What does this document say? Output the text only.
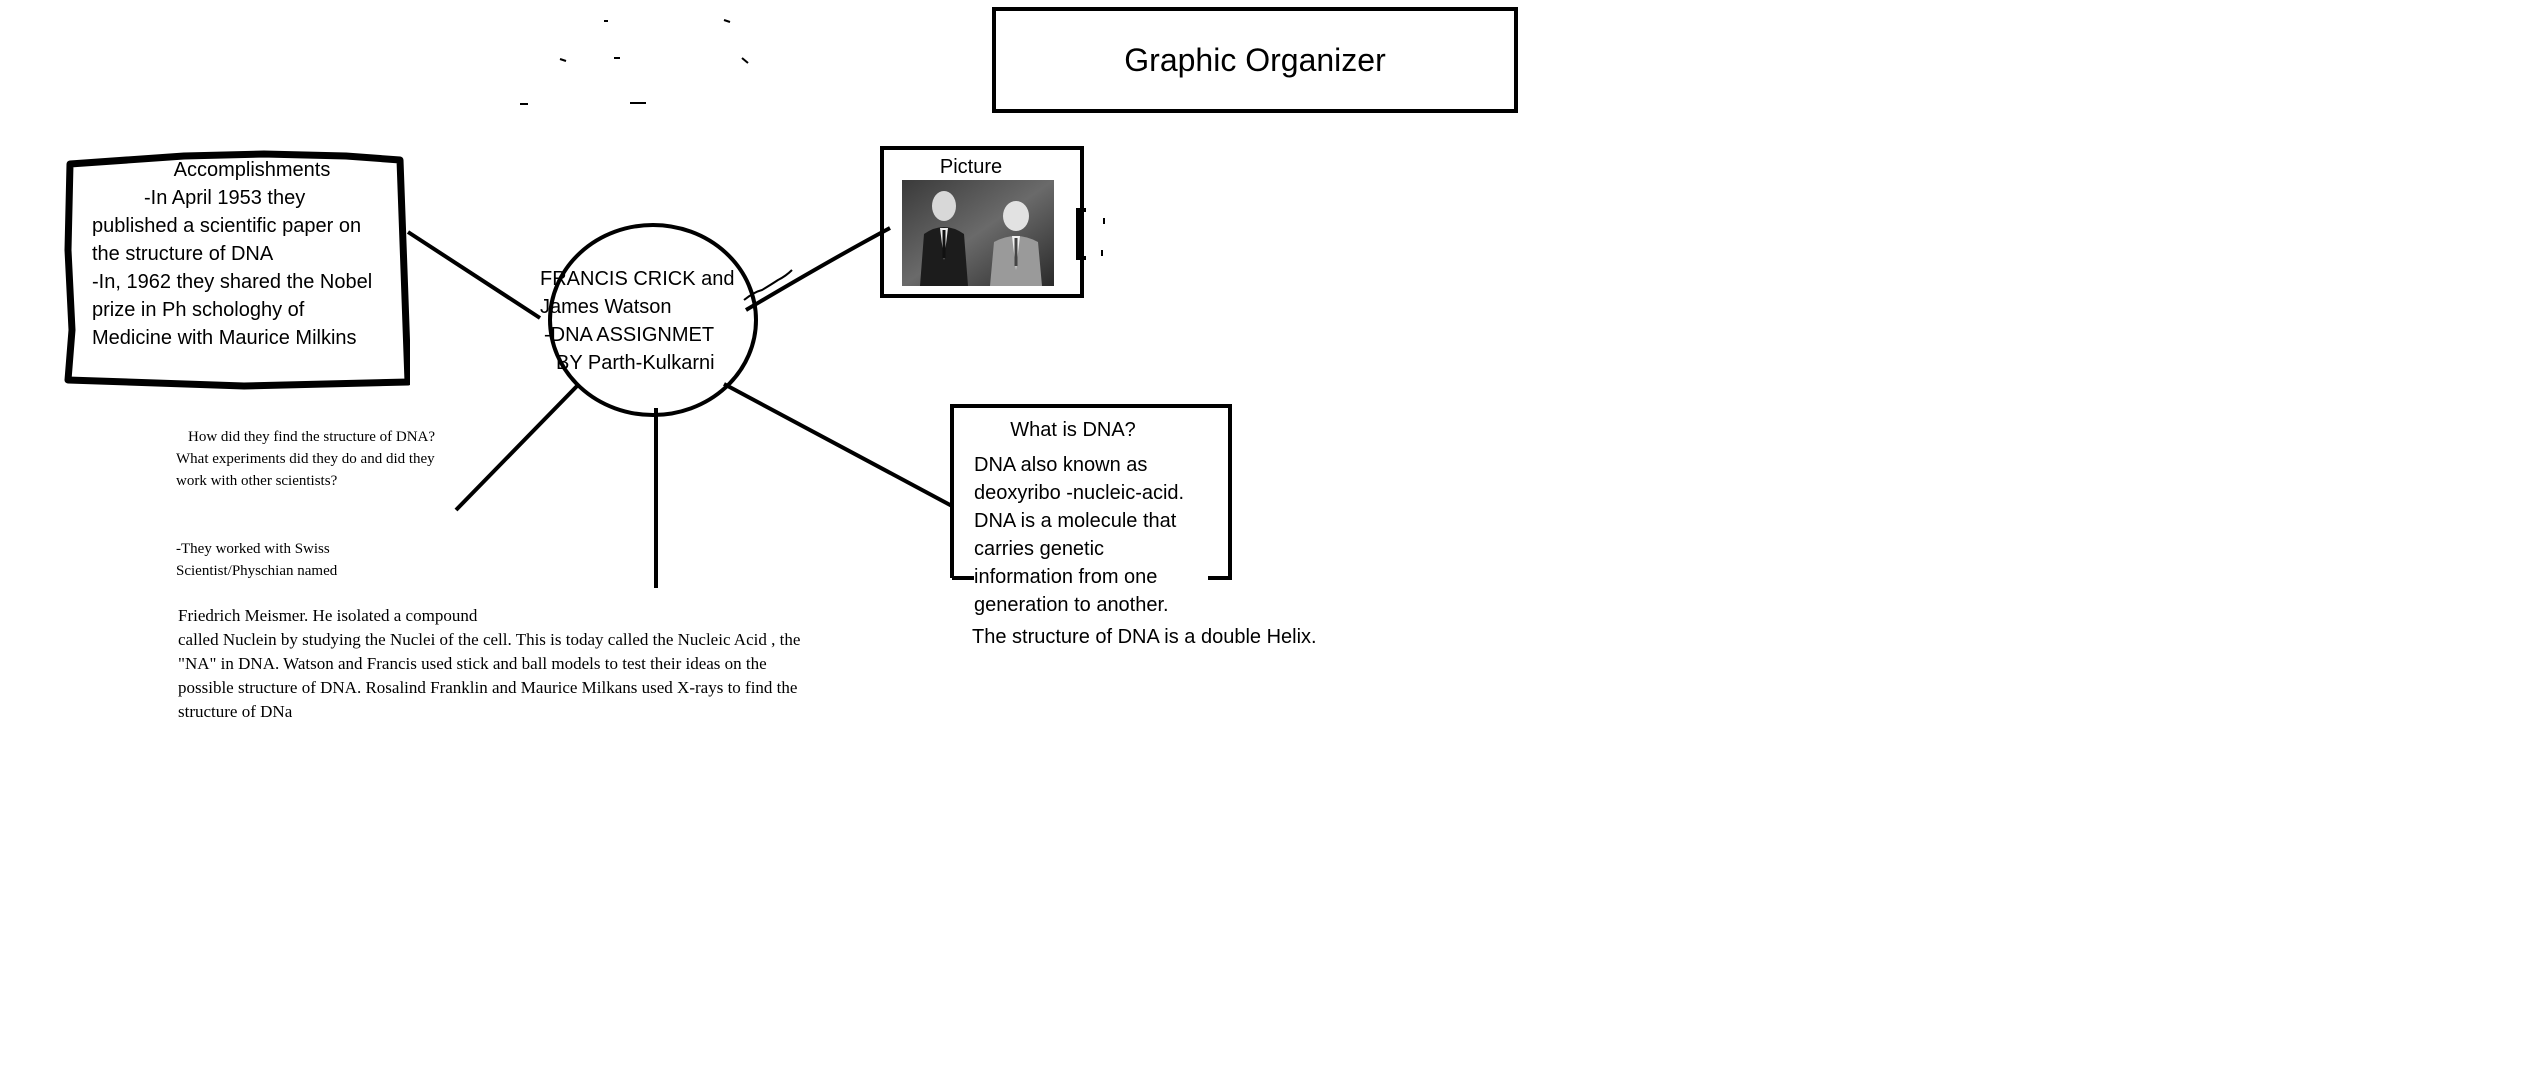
Graphic Organizer
Accomplishments
-In April 1953 they
published a scientific paper on
the structure of DNA
-In, 1962 they shared the Nobel
prize in Ph schologhy of
Medicine with Maurice Milkins
FRANCIS CRICK and
James Watson
-DNA ASSIGNMET
BY Parth-Kulkarni
Picture
What is DNA?
DNA also known as
deoxyribo -nucleic-acid.
DNA is a molecule that
carries genetic
information from one
generation to another.
The structure of DNA is a double Helix.
How did they find the structure of DNA? What experiments did they do and did they work with other scientists?
-They worked with Swiss
Scientist/Physchian named
Friedrich Meismer. He isolated a compound
called Nuclein by studying the Nuclei of the cell. This is today called the Nucleic Acid , the
"NA" in DNA. Watson and Francis used stick and ball models to test their ideas on the
possible structure of DNA. Rosalind Franklin and Maurice Milkans used X-rays to find the
structure of DNa
